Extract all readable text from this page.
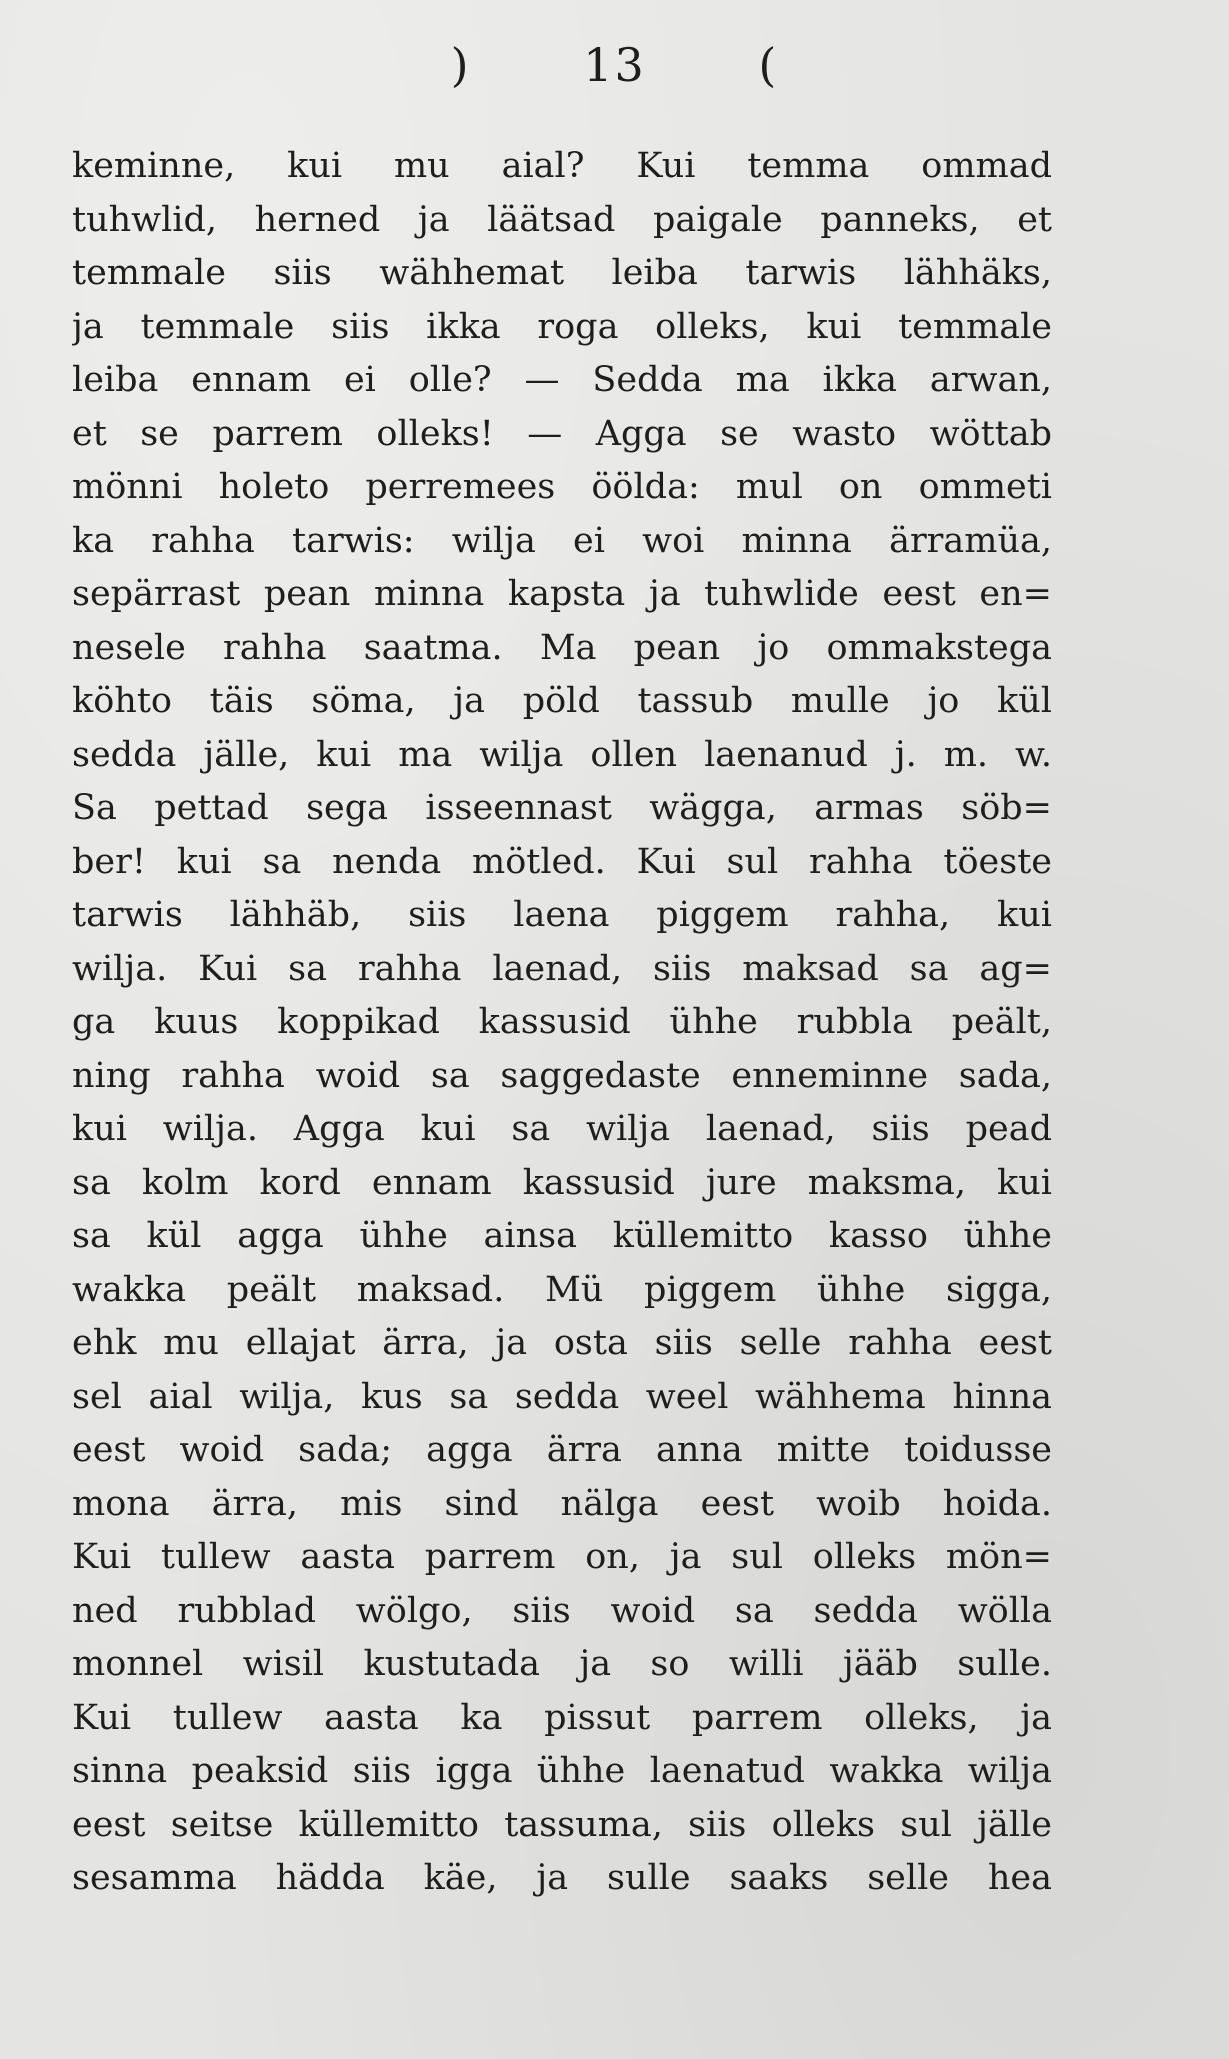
) 13 (
keminne, kui mu aial? Kui temma ommad
tuhwlid, herned ja läätsad paigale panneks, et
temmale siis wähhemat leiba tarwis lähhäks,
ja temmale siis ikka roga olleks, kui temmale
leiba ennam ei olle? — Sedda ma ikka arwan,
et se parrem olleks! — Agga se wasto wöttab
mönni holeto perremees öölda: mul on ommeti
ka rahha tarwis: wilja ei woi minna ärramüa,
sepärrast pean minna kapsta ja tuhwlide eest en=
nesele rahha saatma. Ma pean jo ommakstega
köhto täis söma, ja pöld tassub mulle jo kül
sedda jälle, kui ma wilja ollen laenanud j. m. w.
Sa pettad sega isseennast wägga, armas söb=
ber! kui sa nenda mötled. Kui sul rahha töeste
tarwis lähhäb, siis laena piggem rahha, kui
wilja. Kui sa rahha laenad, siis maksad sa ag=
ga kuus koppikad kassusid ühhe rubbla peält,
ning rahha woid sa saggedaste enneminne sada,
kui wilja. Agga kui sa wilja laenad, siis pead
sa kolm kord ennam kassusid jure maksma, kui
sa kül agga ühhe ainsa küllemitto kasso ühhe
wakka peält maksad. Mü piggem ühhe sigga,
ehk mu ellajat ärra, ja osta siis selle rahha eest
sel aial wilja, kus sa sedda weel wähhema hinna
eest woid sada; agga ärra anna mitte toidusse
mona ärra, mis sind nälga eest woib hoida.
Kui tullew aasta parrem on, ja sul olleks mön=
ned rubblad wölgo, siis woid sa sedda wölla
monnel wisil kustutada ja so willi jääb sulle.
Kui tullew aasta ka pissut parrem olleks, ja
sinna peaksid siis igga ühhe laenatud wakka wilja
eest seitse küllemitto tassuma, siis olleks sul jälle
sesamma hädda käe, ja sulle saaks selle hea
